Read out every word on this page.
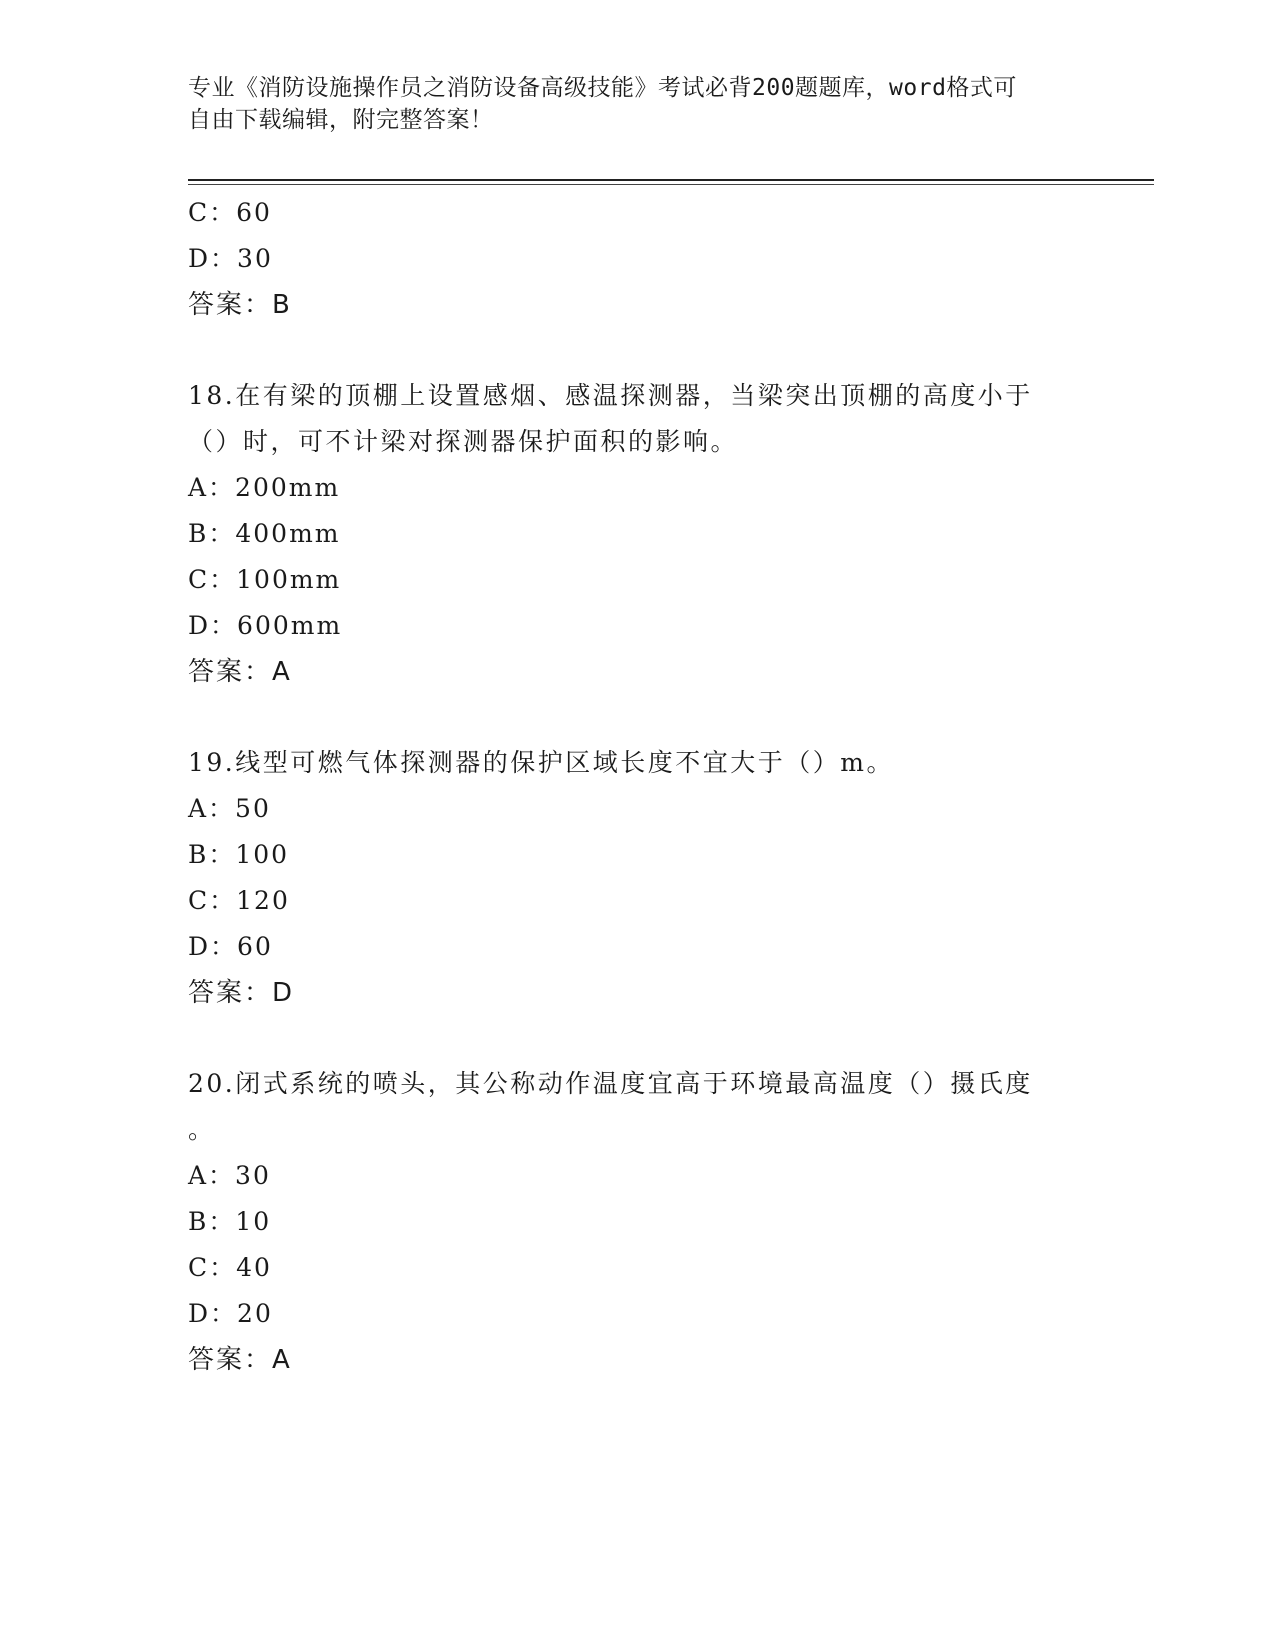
专业《消防设施操作员之消防设备高级技能》考试必背200题题库，word格式可
自由下载编辑，附完整答案！
C：60
D：30
答案：B
18.在有梁的顶棚上设置感烟、感温探测器，当梁突出顶棚的高度小于
（）时，可不计梁对探测器保护面积的影响。
A：200mm
B：400mm
C：100mm
D：600mm
答案：A
19.线型可燃气体探测器的保护区域长度不宜大于（）m。
A：50
B：100
C：120
D：60
答案：D
20.闭式系统的喷头，其公称动作温度宜高于环境最高温度（）摄氏度
。
A：30
B：10
C：40
D：20
答案：A
